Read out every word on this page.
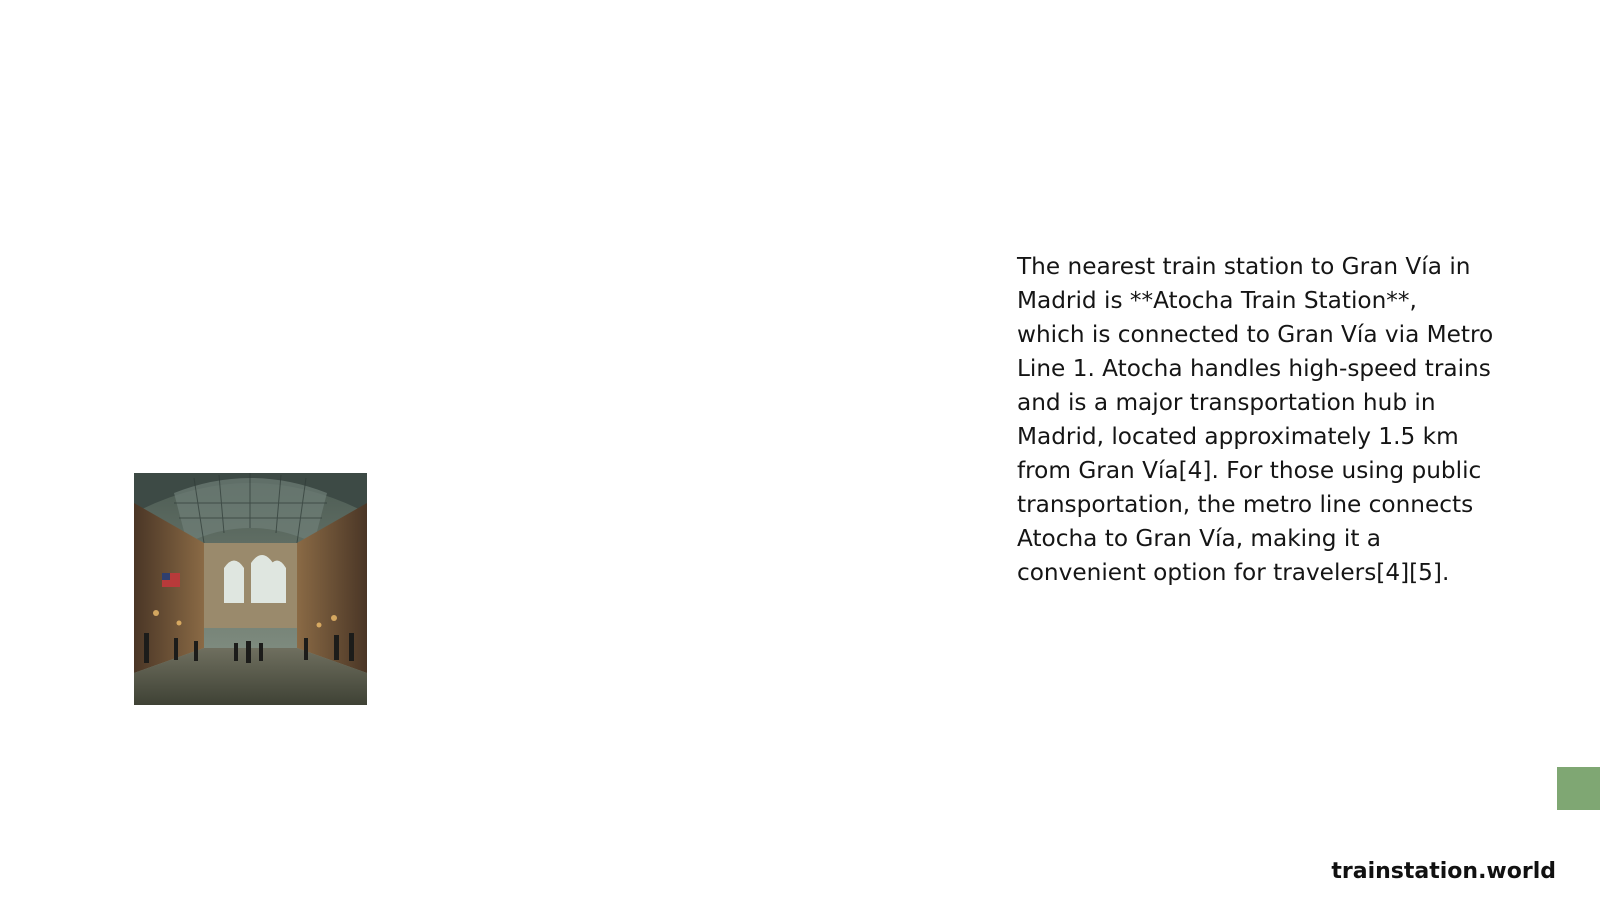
The nearest train station to Gran Vía in
Madrid is **Atocha Train Station**,
which is connected to Gran Vía via Metro
Line 1. Atocha handles high-speed trains
and is a major transportation hub in
Madrid, located approximately 1.5 km
from Gran Vía[4]. For those using public
transportation, the metro line connects
Atocha to Gran Vía, making it a
convenient option for travelers[4][5].

trainstation.world
